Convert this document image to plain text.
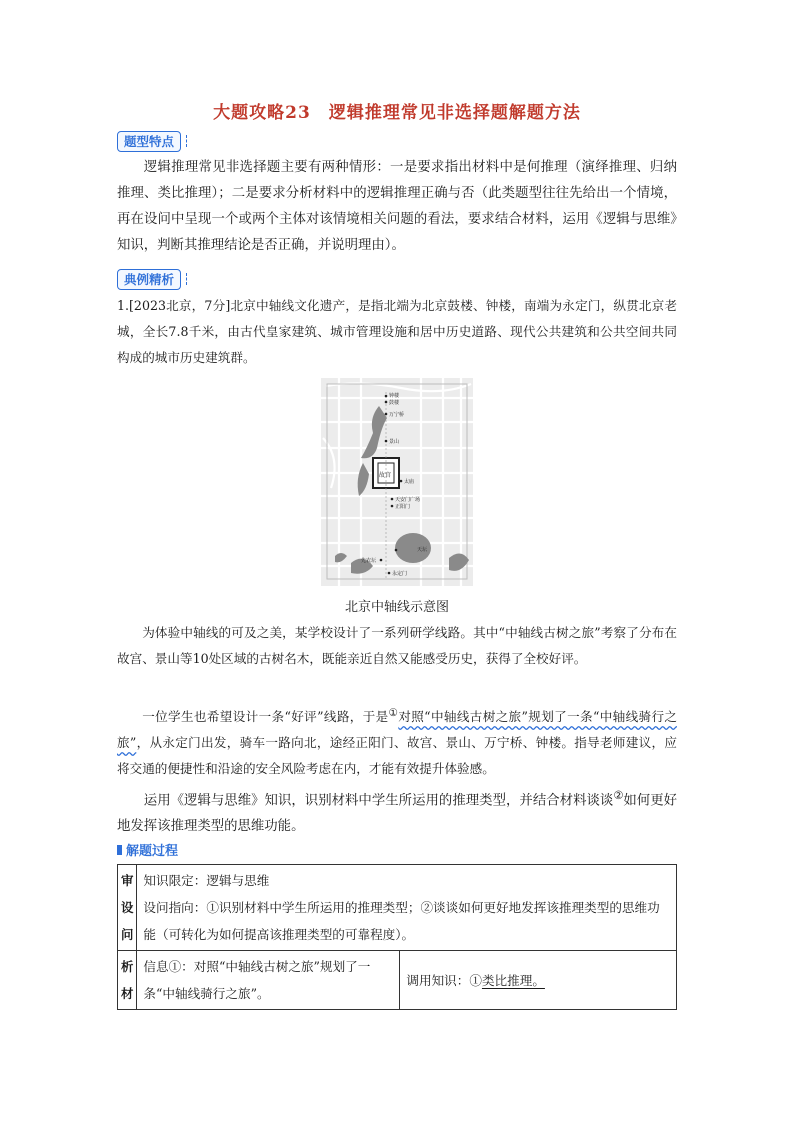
大题攻略23　逻辑推理常见非选择题解题方法
题型特点
逻辑推理常见非选择题主要有两种情形：一是要求指出材料中是何推理（演绎推理、归纳推理、类比推理）；二是要求分析材料中的逻辑推理正确与否（此类题型往往先给出一个情境，再在设问中呈现一个或两个主体对该情境相关问题的看法，要求结合材料，运用《逻辑与思维》知识，判断其推理结论是否正确，并说明理由）。
典例精析
1.[2023北京，7分]北京中轴线文化遗产，是指北端为北京鼓楼、钟楼，南端为永定门，纵贯北京老城，全长7.8千米，由古代皇家建筑、城市管理设施和居中历史道路、现代公共建筑和公共空间共同构成的城市历史建筑群。
钟楼
鼓楼
万宁桥
景山
故宫
太庙
天安门广场
正阳门
天坛
先农坛
永定门
北京中轴线示意图
为体验中轴线的可及之美，某学校设计了一系列研学线路。其中“中轴线古树之旅”考察了分布在故宫、景山等10处区域的古树名木，既能亲近自然又能感受历史，获得了全校好评。
一位学生也希望设计一条“好评”线路，于是①对照“中轴线古树之旅”规划了一条“中轴线骑行之旅”，从永定门出发，骑车一路向北，途经正阳门、故宫、景山、万宁桥、钟楼。指导老师建议，应将交通的便捷性和沿途的安全风险考虑在内，才能有效提升体验感。
运用《逻辑与思维》知识，识别材料中学生所运用的推理类型，并结合材料谈谈②如何更好地发挥该推理类型的思维功能。
解题过程
审设问	知识限定：逻辑与思维
设问指向：①识别材料中学生所运用的推理类型；②谈谈如何更好地发挥该推理类型的思维功能（可转化为如何提高该推理类型的可靠程度）。	

析材	信息①：对照“中轴线古树之旅”规划了一条“中轴线骑行之旅”。	调用知识：①类比推理。
